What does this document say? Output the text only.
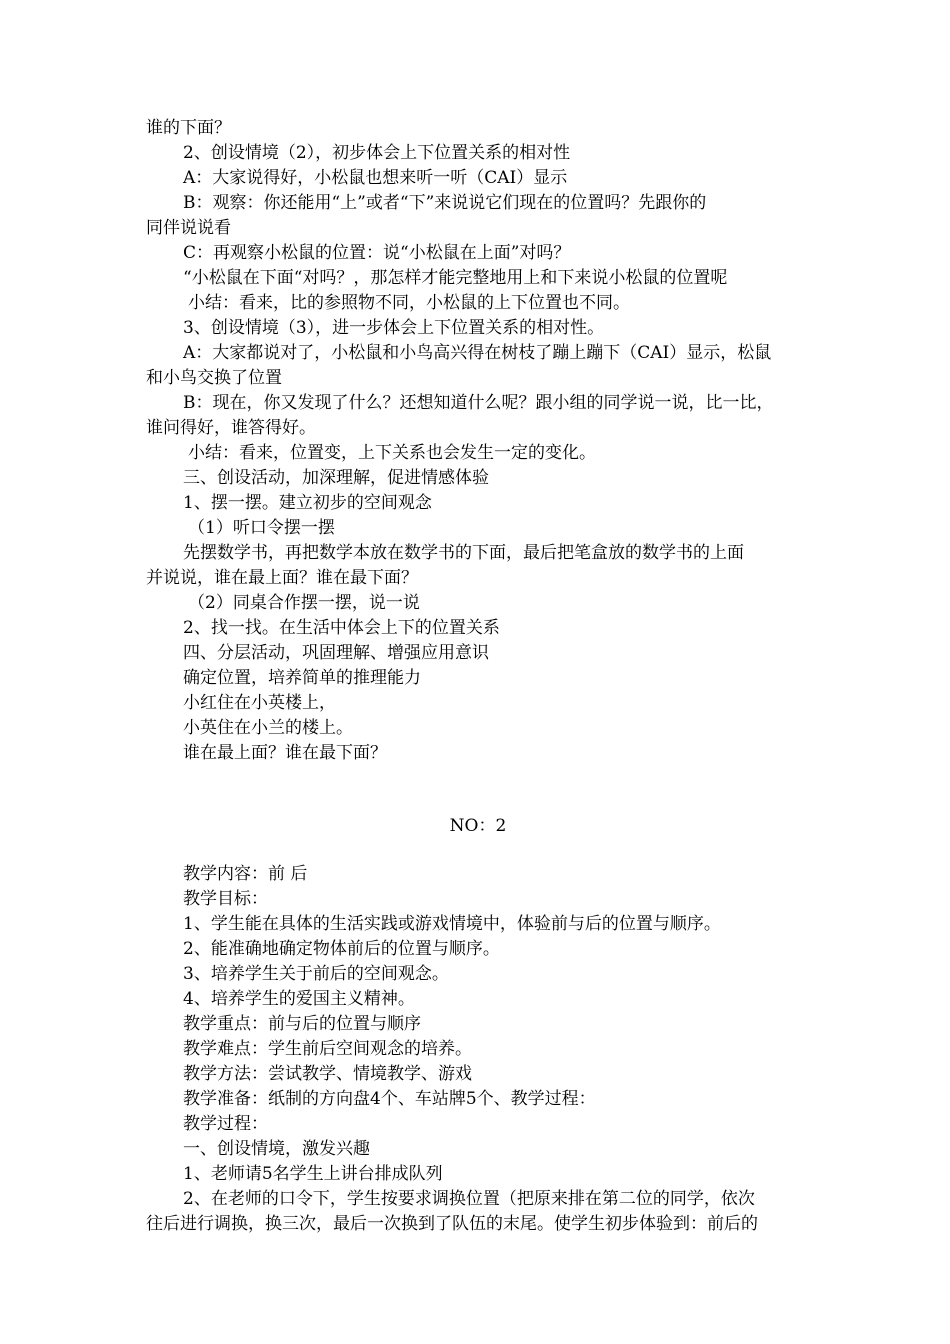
谁的下面？
2、创设情境（2），初步体会上下位置关系的相对性
A：大家说得好，小松鼠也想来听一听（CAI）显示
B：观察：你还能用“上”或者“下”来说说它们现在的位置吗？先跟你的
同伴说说看
C：再观察小松鼠的位置：说“小松鼠在上面”对吗？
“小松鼠在下面“对吗？，那怎样才能完整地用上和下来说小松鼠的位置呢
小结：看来，比的参照物不同，小松鼠的上下位置也不同。
3、创设情境（3），进一步体会上下位置关系的相对性。
A：大家都说对了，小松鼠和小鸟高兴得在树枝了蹦上蹦下（CAI）显示，松鼠
和小鸟交换了位置
B：现在，你又发现了什么？还想知道什么呢？跟小组的同学说一说，比一比，
谁问得好，谁答得好。
小结：看来，位置变，上下关系也会发生一定的变化。
三、创设活动，加深理解，促进情感体验
1、摆一摆。建立初步的空间观念
（1）听口令摆一摆
先摆数学书，再把数学本放在数学书的下面，最后把笔盒放的数学书的上面
并说说，谁在最上面？谁在最下面？
（2）同桌合作摆一摆，说一说
2、找一找。在生活中体会上下的位置关系
四、分层活动，巩固理解、增强应用意识
确定位置，培养简单的推理能力
小红住在小英楼上，
小英住在小兰的楼上。
谁在最上面？谁在最下面？
NO：2
教学内容：前 后
教学目标：
1、学生能在具体的生活实践或游戏情境中，体验前与后的位置与顺序。
2、能准确地确定物体前后的位置与顺序。
3、培养学生关于前后的空间观念。
4、培养学生的爱国主义精神。
教学重点：前与后的位置与顺序
教学难点：学生前后空间观念的培养。
教学方法：尝试教学、情境教学、游戏
教学准备：纸制的方向盘4个、车站牌5个、教学过程：
教学过程：
一、创设情境，激发兴趣
1、老师请5名学生上讲台排成队列
2、在老师的口令下，学生按要求调换位置（把原来排在第二位的同学，依次
往后进行调换，换三次，最后一次换到了队伍的末尾。使学生初步体验到：前后的
